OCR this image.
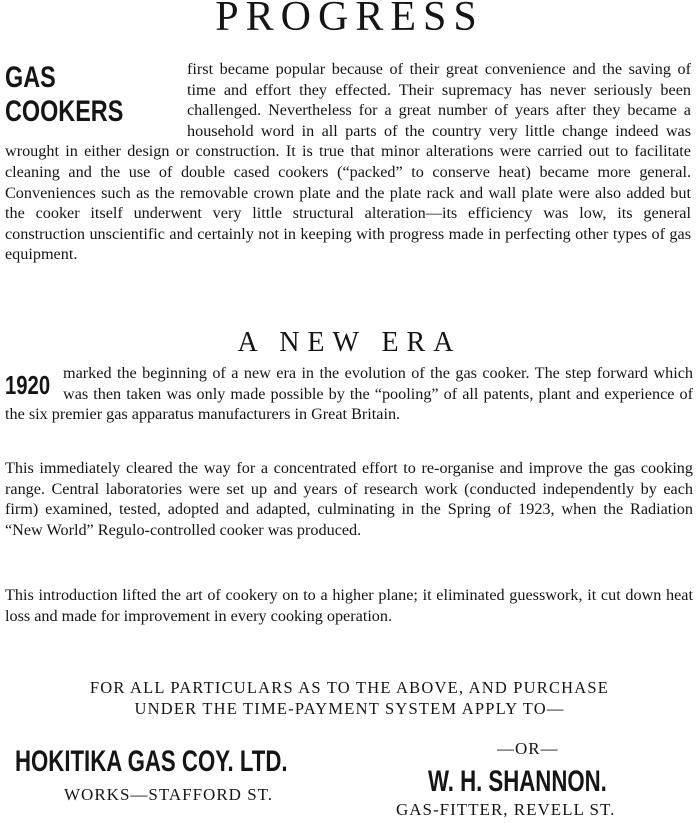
PROGRESS

GAS COOKERS
first became popular because of their great convenience and the saving of time and effort they effected. Their supremacy has never seriously been challenged. Nevertheless for a great number of years after they became a household word in all parts of the country very little change indeed was wrought in either design or construction. It is true that minor alterations were carried out to facilitate cleaning and the use of double cased cookers (“packed” to conserve heat) became more general. Conveniences such as the removable crown plate and the plate rack and wall plate were also added but the cooker itself underwent very little structural alteration—its efficiency was low, its general construction unscientific and certainly not in keeping with progress made in perfecting other types of gas equipment.

A NEW ERA

1920 marked the beginning of a new era in the evolution of the gas cooker. The step forward which was then taken was only made possible by the “pooling” of all patents, plant and experience of the six premier gas apparatus manufacturers in Great Britain.

This immediately cleared the way for a concentrated effort to re-organise and improve the gas cooking range. Central laboratories were set up and years of research work (conducted independently by each firm) examined, tested, adopted and adapted, culminating in the Spring of 1923, when the Radiation “New World” Regulo-controlled cooker was produced.

This introduction lifted the art of cookery on to a higher plane; it eliminated guesswork, it cut down heat loss and made for improvement in every cooking operation.

FOR ALL PARTICULARS AS TO THE ABOVE, AND PURCHASE
UNDER THE TIME-PAYMENT SYSTEM APPLY TO—
HOKITIKA GAS COY. LTD.
WORKS—STAFFORD ST.
—OR—
W. H. SHANNON.
GAS-FITTER, REVELL ST.
